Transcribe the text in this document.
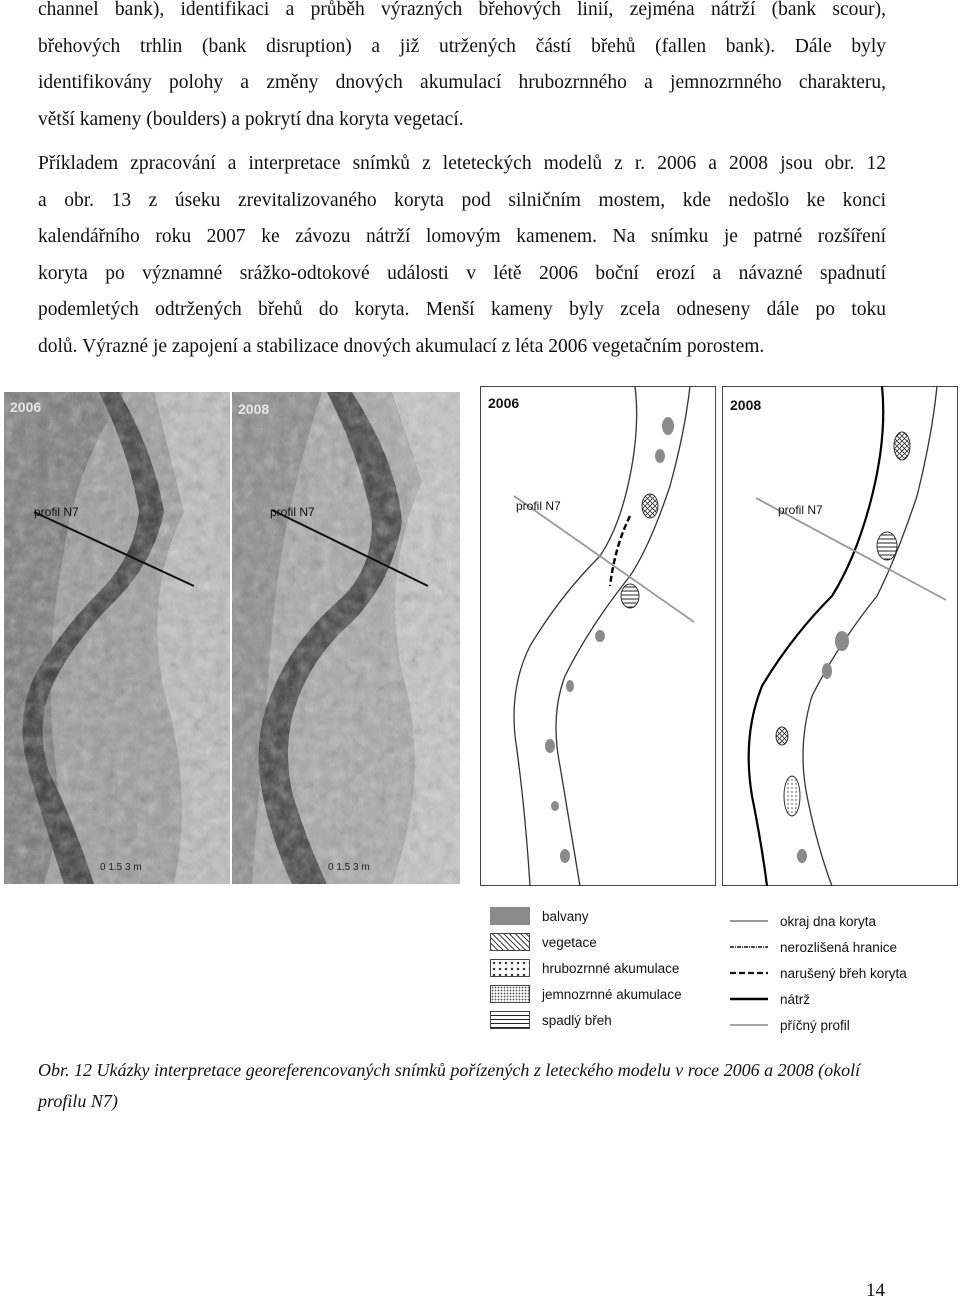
channel bank), identifikaci a průběh výrazných břehových linií, zejména nátrží (bank scour),
břehových trhlin (bank disruption) a již utržených částí břehů (fallen bank). Dále byly
identifikovány polohy a změny dnových akumulací hrubozrnného a jemnozrnného charakteru,
větší kameny (boulders) a pokrytí dna koryta vegetací.

Příkladem zpracování a interpretace snímků z leteteckých modelů z r. 2006 a 2008 jsou obr. 12
a obr. 13 z úseku zrevitalizovaného koryta pod silničním mostem, kde nedošlo ke konci
kalendářního roku 2007 ke závozu nátrží lomovým kamenem. Na snímku je patrné rozšíření
koryta po významné srážko-odtokové události v létě 2006 boční erozí a návazné spadnutí
podemletých odtržených břehů do koryta. Menší kameny byly zcela odneseny dále po toku
dolů. Výrazné je zapojení a stabilizace dnových akumulací z léta 2006 vegetačním porostem.

2006
profil N7
0 1.5 3 m
2008
profil N7
0 1.5 3 m
2006
profil N7
2008
profil N7
balvany
vegetace
hrubozrnné akumulace
jemnozrnné akumulace
spadlý břeh
okraj dna koryta
nerozlišená hranice
narušený břeh koryta
nátrž
příčný profil

Obr. 12 Ukázky interpretace georeferencovaných snímků pořízených z leteckého modelu v roce 2006 a 2008 (okolí profilu N7)

14
